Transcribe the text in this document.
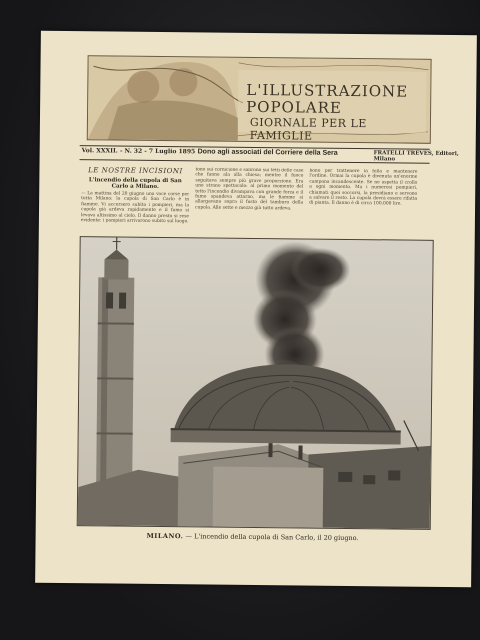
L'ILLUSTRAZIONE
POPOLARE
GIORNALE PER LE FAMIGLIE
Vol. XXXII. - N. 32 - 7 Luglio 1895 Dono agli associati del Corriere della Sera	FRATELLI TREVES, Editori, Milano
LE NOSTRE INCISIONI
L'incendio della cupola di San Carlo a Milano.
— La mattina del 20 giugno una voce corse per tutta Milano: la cupola di San Carlo è in fiamme. Vi accorsero subito i pompieri, ma la cupola già ardeva rapidamente e il fumo si levava altissimo al cielo. Il danno presto si rese evidente: i pompieri arrivarono subito sul luogo.
tono sul cornicione e salirono sui tetti delle case che fanno ala alla chiesa; mentre il fuoco seguitava sempre più grave proporzione. Era uno strano spettacolo: al primo momento del tetto l'incendio divampava con grande forza e il fumo spandeva attorno, ma le fiamme si allargavano sopra il fusto del tamburo della cupola. Alle sette e mezzo già tutto ardeva.
bono per trattenere la folla e mantenere l'ordine. Ormai la cupola è divenuta un'enorme campana incandescente. Se ne aspetta il crollo a ogni momento. Ma i numerosi pompieri, chiamati quei soccorsi, la presidiano e servono a salvare il resto. La cupola dovrà essere rifatta di pianta. Il danno è di circa 100,000 lire.
MILANO. — L'incendio della cupola di San Carlo, il 20 giugno.
